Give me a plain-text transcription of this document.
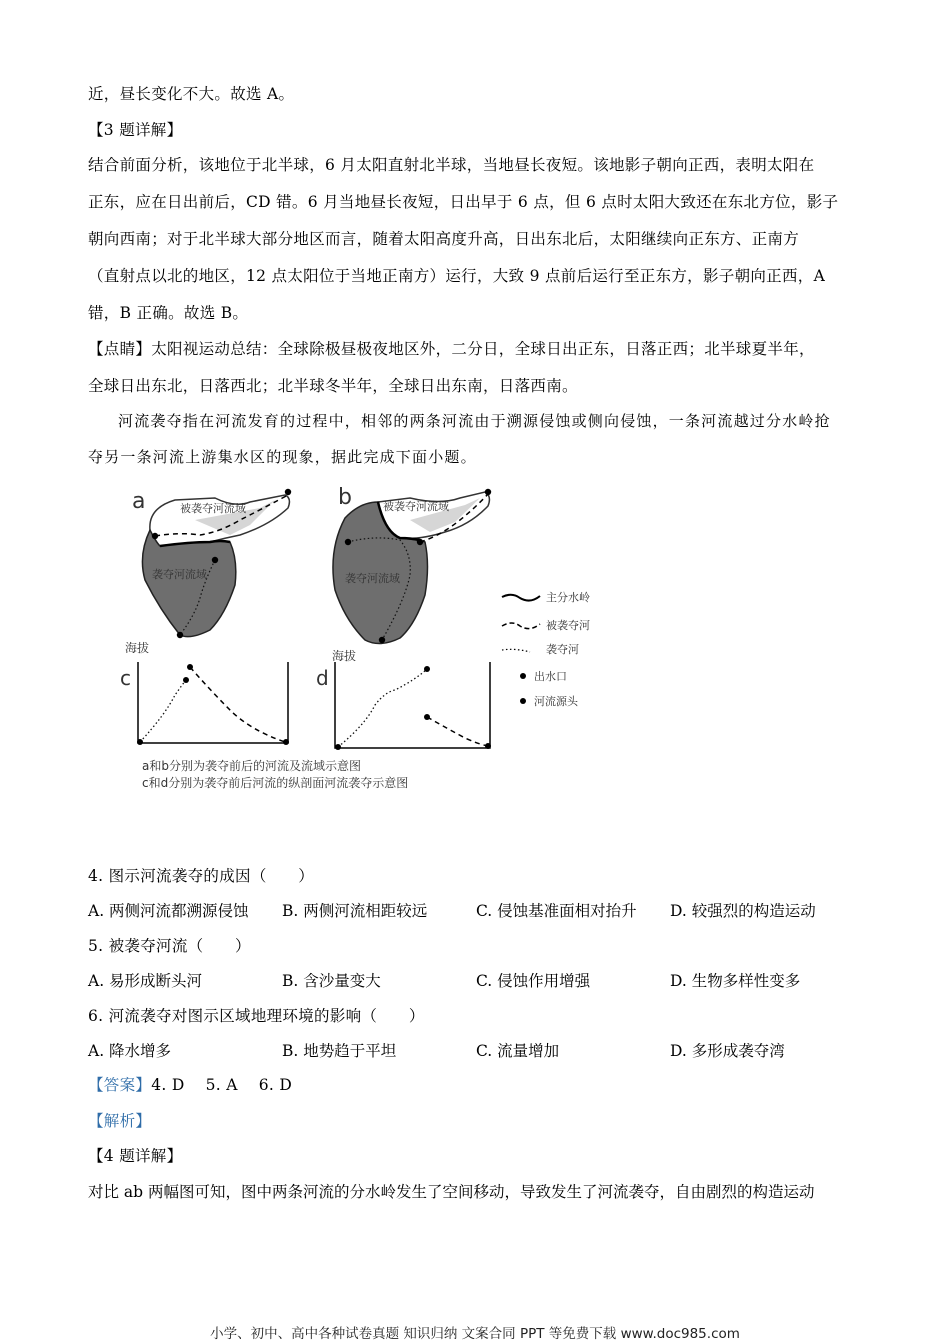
近，昼长变化不大。故选 A。
【3 题详解】
结合前面分析，该地位于北半球，6 月太阳直射北半球，当地昼长夜短。该地影子朝向正西，表明太阳在
正东，应在日出前后，CD 错。6 月当地昼长夜短，日出早于 6 点，但 6 点时太阳大致还在东北方位，影子
朝向西南；对于北半球大部分地区而言，随着太阳高度升高，日出东北后，太阳继续向正东方、正南方
（直射点以北的地区，12 点太阳位于当地正南方）运行，大致 9 点前后运行至正东方，影子朝向正西，A
错，B 正确。故选 B。
【点睛】太阳视运动总结：全球除极昼极夜地区外，二分日，全球日出正东，日落正西；北半球夏半年，
全球日出东北，日落西北；北半球冬半年，全球日出东南，日落西南。
河流袭夺指在河流发育的过程中，相邻的两条河流由于溯源侵蚀或侧向侵蚀，一条河流越过分水岭抢
夺另一条河流上游集水区的现象，据此完成下面小题。
a	被袭夺河流域
袭夺河流域
b	被袭夺河流域
袭夺河流域
主分水岭
被袭夺河
袭夺河
出水口
河流源头
海拔
c
海拔
d
a和b分别为袭夺前后的河流及流域示意图
c和d分别为袭夺前后河流的纵剖面河流袭夺示意图
4. 图示河流袭夺的成因（　　）
A. 两侧河流都溯源侵蚀 B. 两侧河流相距较远	C. 侵蚀基准面相对抬升 D. 较强烈的构造运动
5. 被袭夺河流（　　）
A. 易形成断头河	B. 含沙量变大	C. 侵蚀作用增强	D. 生物多样性变多
6. 河流袭夺对图示区域地理环境的影响（　　）
A. 降水增多	B. 地势趋于平坦	C. 流量增加	D. 多形成袭夺湾
【答案】4. D　 5. A　 6. D
【解析】
【4 题详解】
对比 ab 两幅图可知，图中两条河流的分水岭发生了空间移动，导致发生了河流袭夺，自由剧烈的构造运动
小学、初中、高中各种试卷真题 知识归纳 文案合同 PPT 等免费下载 www.doc985.com
